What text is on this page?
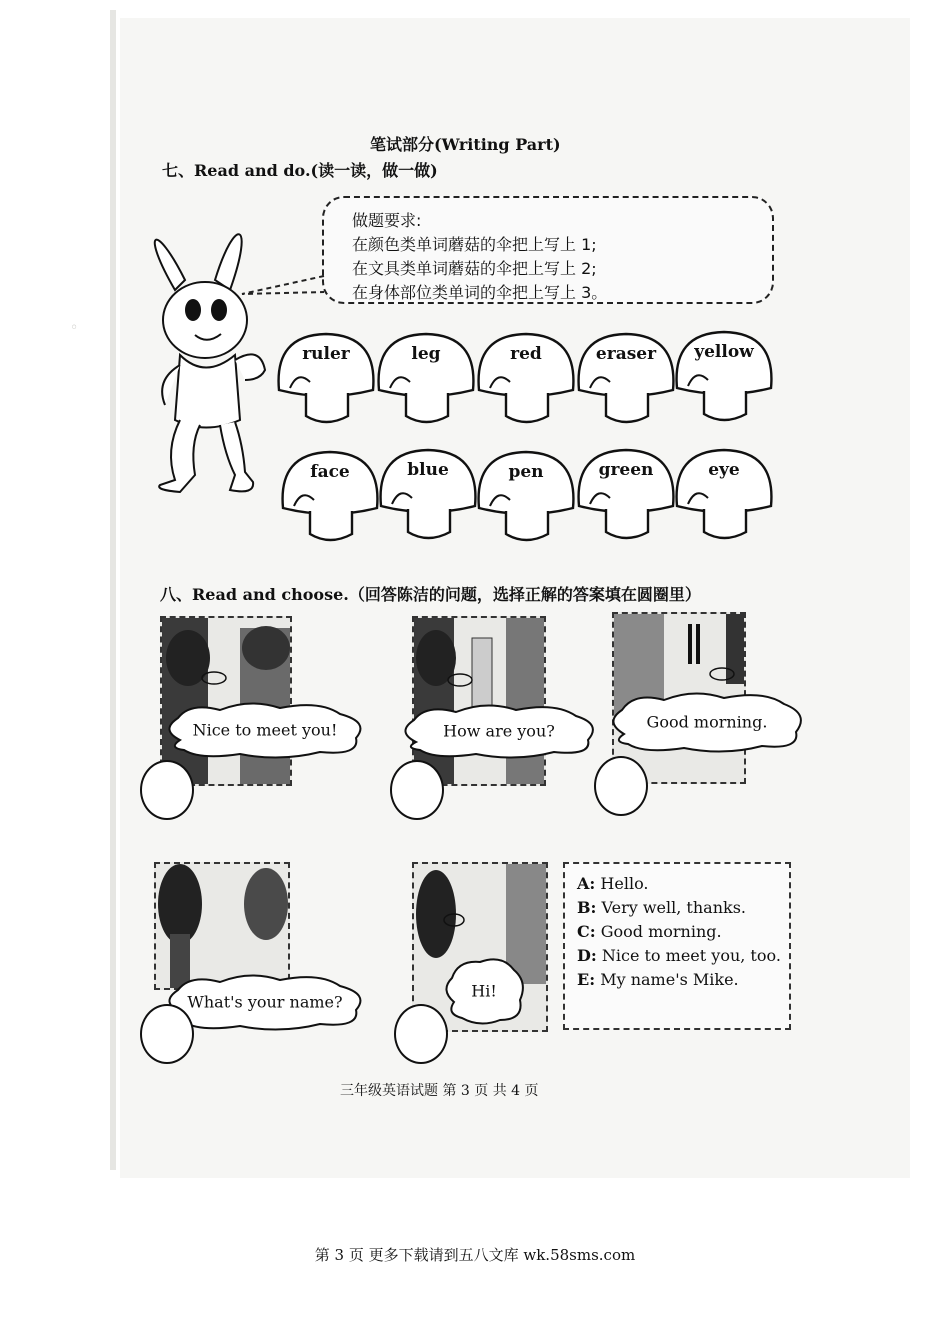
◦
笔试部分(Writing Part)
七、Read and do.(读一读，做一做)
做题要求:
在颜色类单词蘑菇的伞把上写上 1;
在文具类单词蘑菇的伞把上写上 2;
在身体部位类单词的伞把上写上 3。
ruler	leg	red	eraser	yellow
face	blue	pen	green	eye
八、Read and choose.（回答陈洁的问题，选择正解的答案填在圆圈里）
Nice to meet you!	How are you?	Good morning.
What's your name?
Hi!
A: Hello.
B: Very well, thanks.
C: Good morning.
D: Nice to meet you, too.
E: My name's Mike.
三年级英语试题 第 3 页 共 4 页
第 3 页 更多下载请到五八文库 wk.58sms.com
